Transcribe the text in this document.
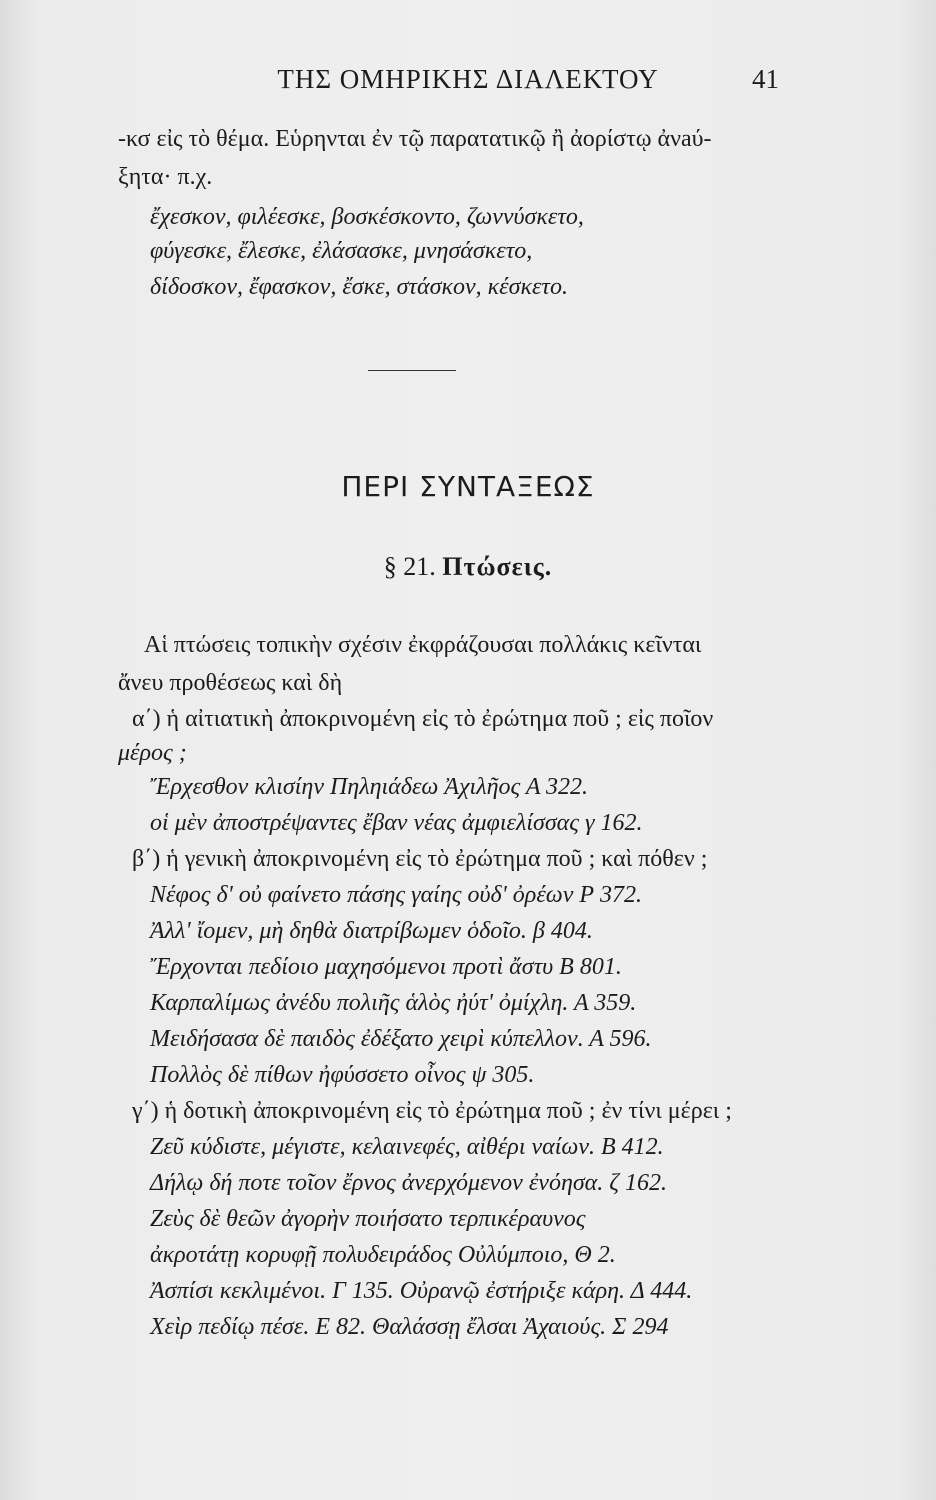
ΤΗΣ ΟΜΗΡΙΚΗΣ ΔΙΑΛΕΚΤΟΥ	41
-κσ εἰς τὸ θέμα. Εὑρηνται ἐν τῷ παρατατικῷ ἢ ἀορίστῳ ἀνaύ-
ξητα· π.χ.
ἔχεσκον, φιλέεσκε, βοσκέσκοντο, ζωννύσκετο,
φύγεσκε, ἔλεσκε, ἐλάσασκε, μνησάσκετο,
δίδοσκον, ἔφασκον, ἔσκε, στάσκον, κέσκετο.
ΠΕΡΙ ΣΥΝΤΑΞΕΩΣ
§ 21. Πτώσεις.
Αἱ πτώσεις τοπικὴν σχέσιν ἐκφράζουσαι πολλάκις κεῖνται
ἄνευ προθέσεως καὶ δὴ
α΄) ἡ αἰτιατικὴ ἀποκρινομένη εἰς τὸ ἐρώτημα ποῦ ; εἰς ποῖον
μέρος ;
Ἔρχεσθον κλισίην Πηληιάδεω Ἀχιλῆος Α 322.
οἱ μὲν ἀποστρέψαντες ἔβαν νέας ἀμφιελίσσας γ 162.
β΄) ἡ γενικὴ ἀποκρινομένη εἰς τὸ ἐρώτημα ποῦ ; καὶ πόθεν ;
Νέφος δ' οὐ φαίνετο πάσης γαίης οὐδ' ὀρέων Ρ 372.
Ἀλλ' ἴομεν, μὴ δηθὰ διατρίβωμεν ὁδοῖο. β 404.
Ἔρχονται πεδίοιο μαχησόμενοι προτὶ ἄστυ Β 801.
Καρπαλίμως ἀνέδυ πολιῆς ἁλὸς ἠύτ' ὀμίχλη. Α 359.
Μειδήσασα δὲ παιδὸς ἐδέξατο χειρὶ κύπελλον. Α 596.
Πολλὸς δὲ πίθων ἠφύσσετο οἶνος ψ 305.
γ΄) ἡ δοτικὴ ἀποκρινομένη εἰς τὸ ἐρώτημα ποῦ ; ἐν τίνι μέρει ;
Ζεῦ κύδιστε, μέγιστε, κελαινεφές, αἰθέρι ναίων. Β 412.
Δήλῳ δή ποτε τοῖον ἔρνος ἀνερχόμενον ἐνόησα. ζ 162.
Ζεὺς δὲ θεῶν ἀγορὴν ποιήσατο τερπικέραυνος
ἀκροτάτῃ κορυφῇ πολυδειράδος Οὐλύμποιο, Θ 2.
Ἀσπίσι κεκλιμένοι. Γ 135. Οὐρανῷ ἐστήριξε κάρη. Δ 444.
Χεὶρ πεδίῳ πέσε. Ε 82. Θαλάσσῃ ἔλσαι Ἀχαιούς. Σ 294
